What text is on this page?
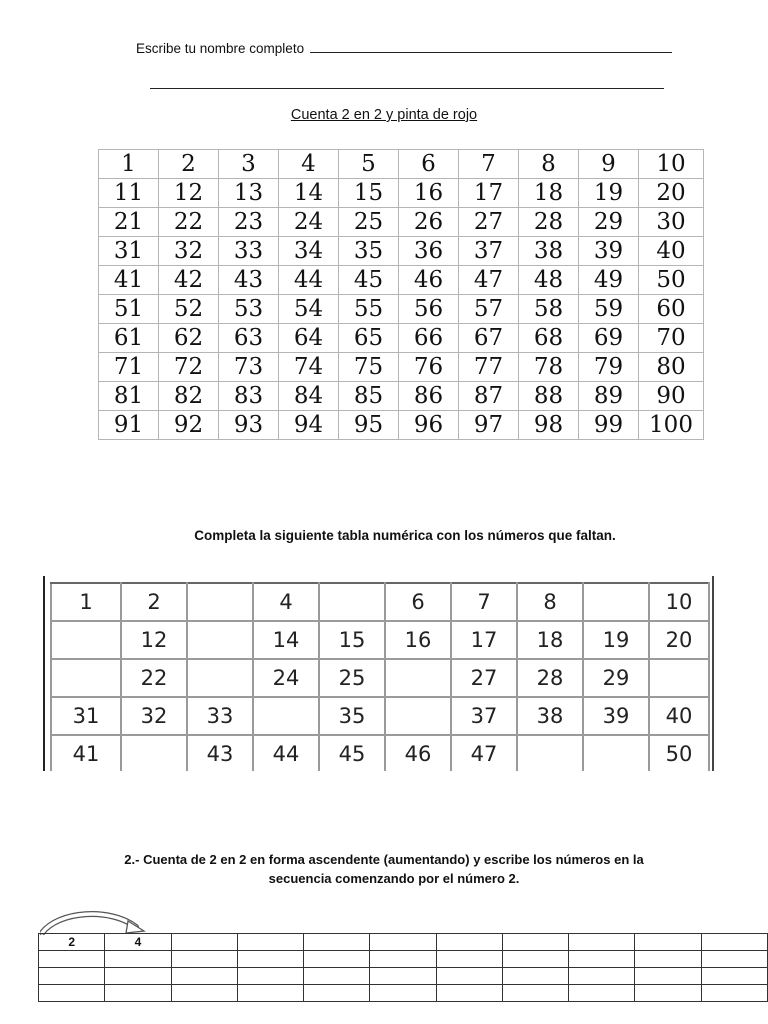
Escribe tu nombre completo
Cuenta 2 en 2 y pinta de rojo
1	2	3	4	5	6	7	8	9	10
11	12	13	14	15	16	17	18	19	20
21	22	23	24	25	26	27	28	29	30
31	32	33	34	35	36	37	38	39	40
41	42	43	44	45	46	47	48	49	50
51	52	53	54	55	56	57	58	59	60
61	62	63	64	65	66	67	68	69	70
71	72	73	74	75	76	77	78	79	80
81	82	83	84	85	86	87	88	89	90
91	92	93	94	95	96	97	98	99	100
Completa la siguiente tabla numérica con los números que faltan.
1	2		4		6	7	8		10
	12		14	15	16	17	18	19	20
	22		24	25		27	28	29	
31	32	33		35		37	38	39	40
41		43	44	45	46	47			50
2.- Cuenta de 2 en 2 en forma ascendente (aumentando) y escribe los números en la
secuencia comenzando por el número 2.
2	4									
